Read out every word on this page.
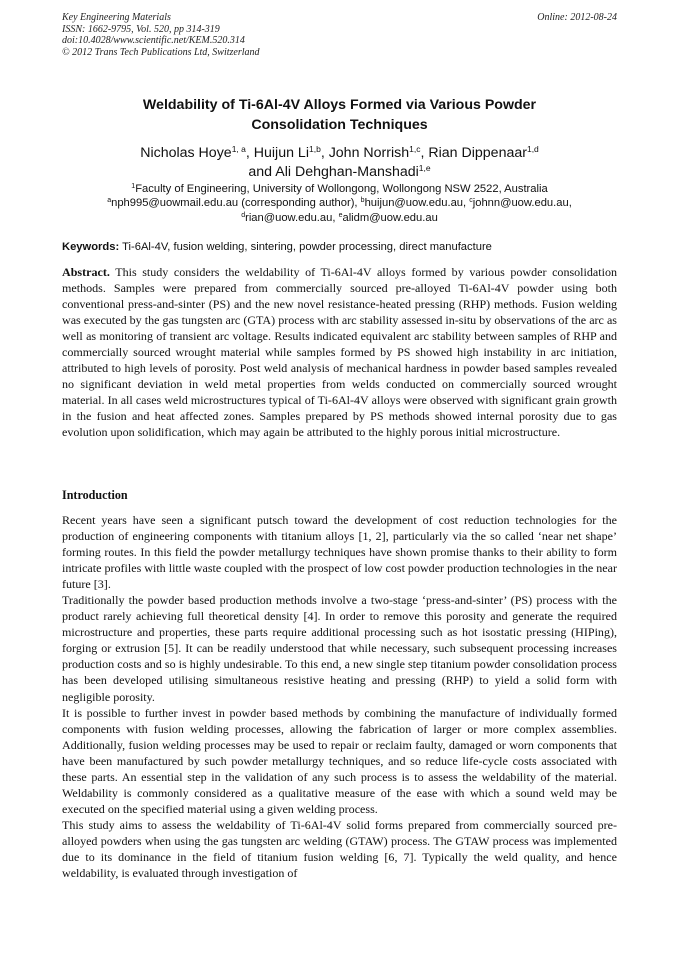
Key Engineering Materials
ISSN: 1662-9795, Vol. 520, pp 314-319
doi:10.4028/www.scientific.net/KEM.520.314
© 2012 Trans Tech Publications Ltd, Switzerland
Online: 2012-08-24
Weldability of Ti-6Al-4V Alloys Formed via Various Powder
Consolidation Techniques
Nicholas Hoye$^{1, a}$, Huijun Li$^{1,b}$, John Norrish$^{1,c}$, Rian Dippenaar$^{1,d}$
and Ali Dehghan-Manshadi$^{1,e}$
$^1$Faculty of Engineering, University of Wollongong, Wollongong NSW 2522, Australia
$^a$nph995@uowmail.edu.au (corresponding author), $^b$huijun@uow.edu.au, $^c$johnn@uow.edu.au,
$^d$rian@uow.edu.au, $^e$alidm@uow.edu.au
Keywords: Ti-6Al-4V, fusion welding, sintering, powder processing, direct manufacture

Abstract. This study considers the weldability of Ti-6Al-4V alloys formed by various powder consolidation methods. Samples were prepared from commercially sourced pre-alloyed Ti-6Al-4V powder using both conventional press-and-sinter (PS) and the new novel resistance-heated pressing (RHP) methods. Fusion welding was executed by the gas tungsten arc (GTA) process with arc stability assessed in-situ by observations of the arc as well as monitoring of transient arc voltage. Results indicated equivalent arc stability between samples of RHP and commercially sourced wrought material while samples formed by PS showed high instability in arc initiation, attributed to high levels of porosity. Post weld analysis of mechanical hardness in powder based samples revealed no significant deviation in weld metal properties from welds conducted on commercially sourced wrought material. In all cases weld microstructures typical of Ti-6Al-4V alloys were observed with significant grain growth in the fusion and heat affected zones. Samples prepared by PS methods showed internal porosity due to gas evolution upon solidification, which may again be attributed to the highly porous initial microstructure.

Introduction

Recent years have seen a significant putsch toward the development of cost reduction technologies for the production of engineering components with titanium alloys [1, 2], particularly via the so called ‘near net shape’ forming routes. In this field the powder metallurgy techniques have shown promise thanks to their ability to form intricate profiles with little waste coupled with the prospect of low cost powder production technologies in the near future [3].

Traditionally the powder based production methods involve a two-stage ‘press-and-sinter’ (PS) process with the product rarely achieving full theoretical density [4]. In order to remove this porosity and generate the required microstructure and properties, these parts require additional processing such as hot isostatic pressing (HIPing), forging or extrusion [5]. It can be readily understood that while necessary, such subsequent processing increases production costs and so is highly undesirable. To this end, a new single step titanium powder consolidation process has been developed utilising simultaneous resistive heating and pressing (RHP) to yield a solid form with negligible porosity.

It is possible to further invest in powder based methods by combining the manufacture of individually formed components with fusion welding processes, allowing the fabrication of larger or more complex assemblies. Additionally, fusion welding processes may be used to repair or reclaim faulty, damaged or worn components that have been manufactured by such powder metallurgy techniques, and so reduce life-cycle costs associated with these parts. An essential step in the validation of any such process is to assess the weldability of the material. Weldability is commonly considered as a qualitative measure of the ease with which a sound weld may be executed on the specified material using a given welding process.

This study aims to assess the weldability of Ti-6Al-4V solid forms prepared from commercially sourced pre-alloyed powders when using the gas tungsten arc welding (GTAW) process. The GTAW process was implemented due to its dominance in the field of titanium fusion welding [6, 7]. Typically the weld quality, and hence weldability, is evaluated through investigation of
